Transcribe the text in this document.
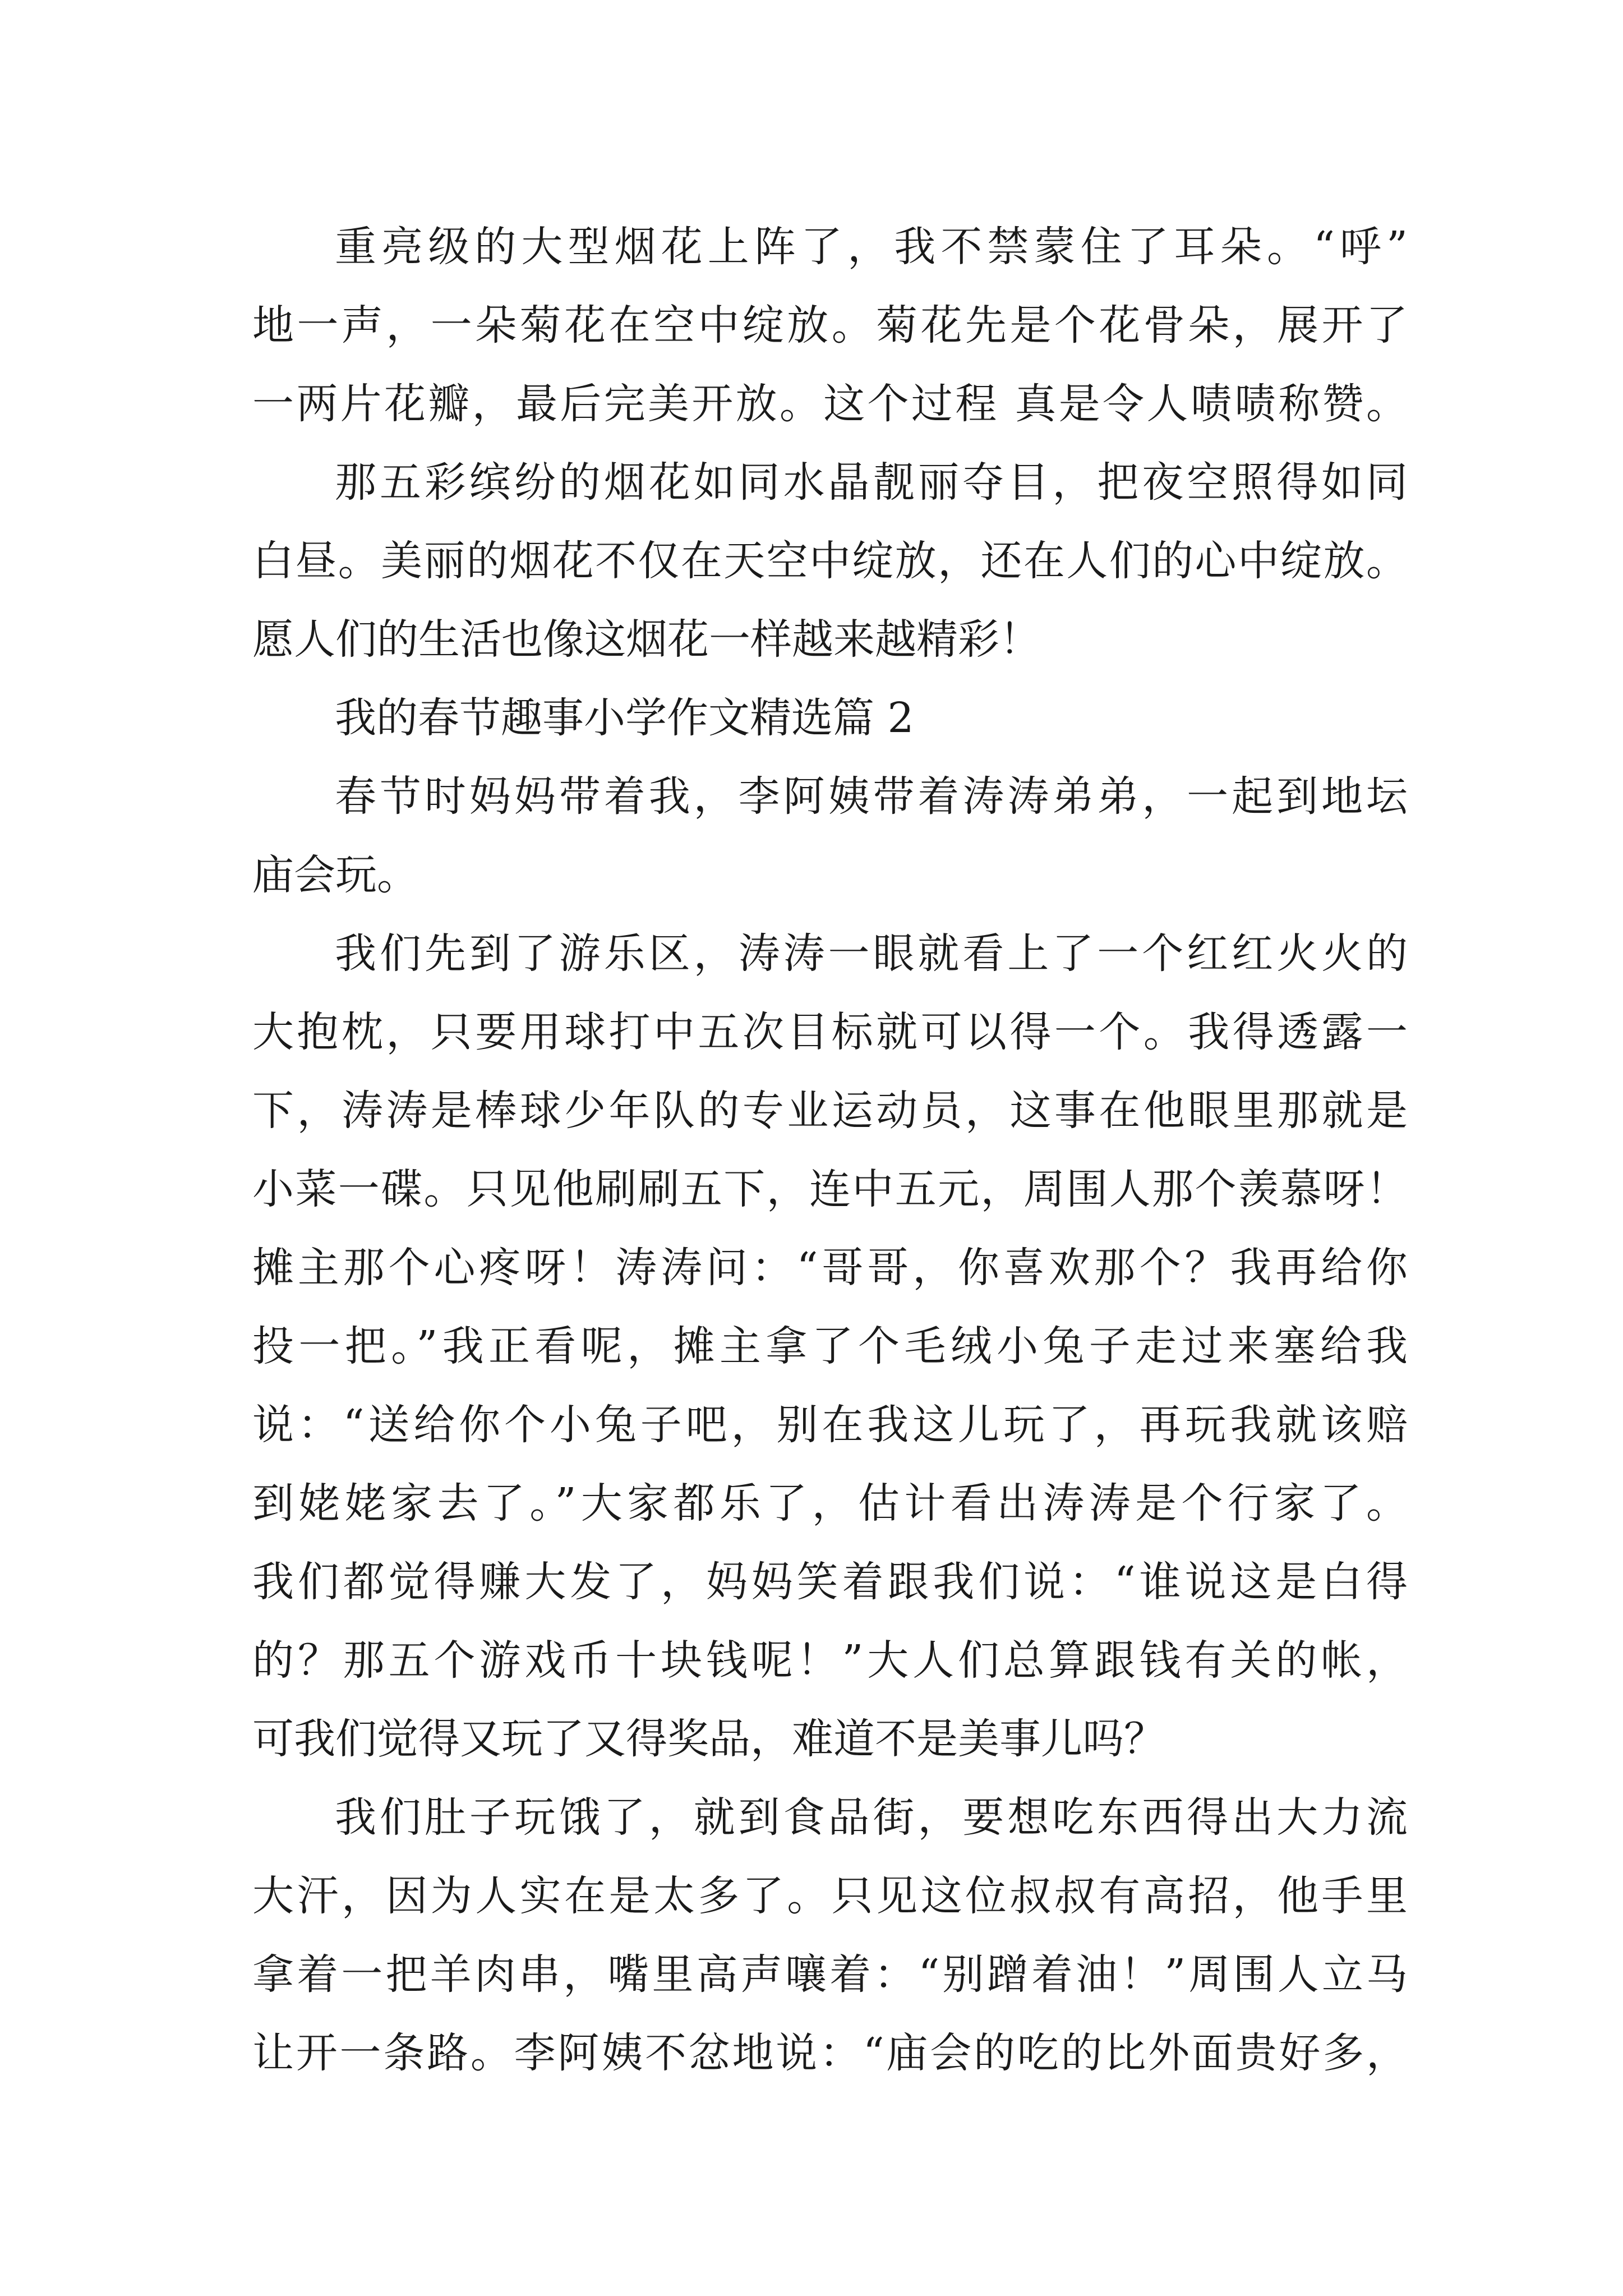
重亮级的大型烟花上阵了，我不禁蒙住了耳朵。“呼”
地一声，一朵菊花在空中绽放。菊花先是个花骨朵，展开了
一两片花瓣，最后完美开放。这个过程 真是令人啧啧称赞。
那五彩缤纷的烟花如同水晶靓丽夺目，把夜空照得如同
白昼。美丽的烟花不仅在天空中绽放，还在人们的心中绽放。
愿人们的生活也像这烟花一样越来越精彩！
我的春节趣事小学作文精选篇 2
春节时妈妈带着我，李阿姨带着涛涛弟弟，一起到地坛
庙会玩。
我们先到了游乐区，涛涛一眼就看上了一个红红火火的
大抱枕，只要用球打中五次目标就可以得一个。我得透露一
下，涛涛是棒球少年队的专业运动员，这事在他眼里那就是
小菜一碟。只见他刷刷五下，连中五元，周围人那个羡慕呀！
摊主那个心疼呀！涛涛问：“哥哥，你喜欢那个？我再给你
投一把。”我正看呢，摊主拿了个毛绒小兔子走过来塞给我
说：“送给你个小兔子吧，别在我这儿玩了，再玩我就该赔
到姥姥家去了。”大家都乐了，估计看出涛涛是个行家了。
我们都觉得赚大发了，妈妈笑着跟我们说：“谁说这是白得
的？那五个游戏币十块钱呢！”大人们总算跟钱有关的帐，
可我们觉得又玩了又得奖品，难道不是美事儿吗？
我们肚子玩饿了，就到食品街，要想吃东西得出大力流
大汗，因为人实在是太多了。只见这位叔叔有高招，他手里
拿着一把羊肉串，嘴里高声嚷着：“别蹭着油！”周围人立马
让开一条路。李阿姨不忿地说：“庙会的吃的比外面贵好多，
